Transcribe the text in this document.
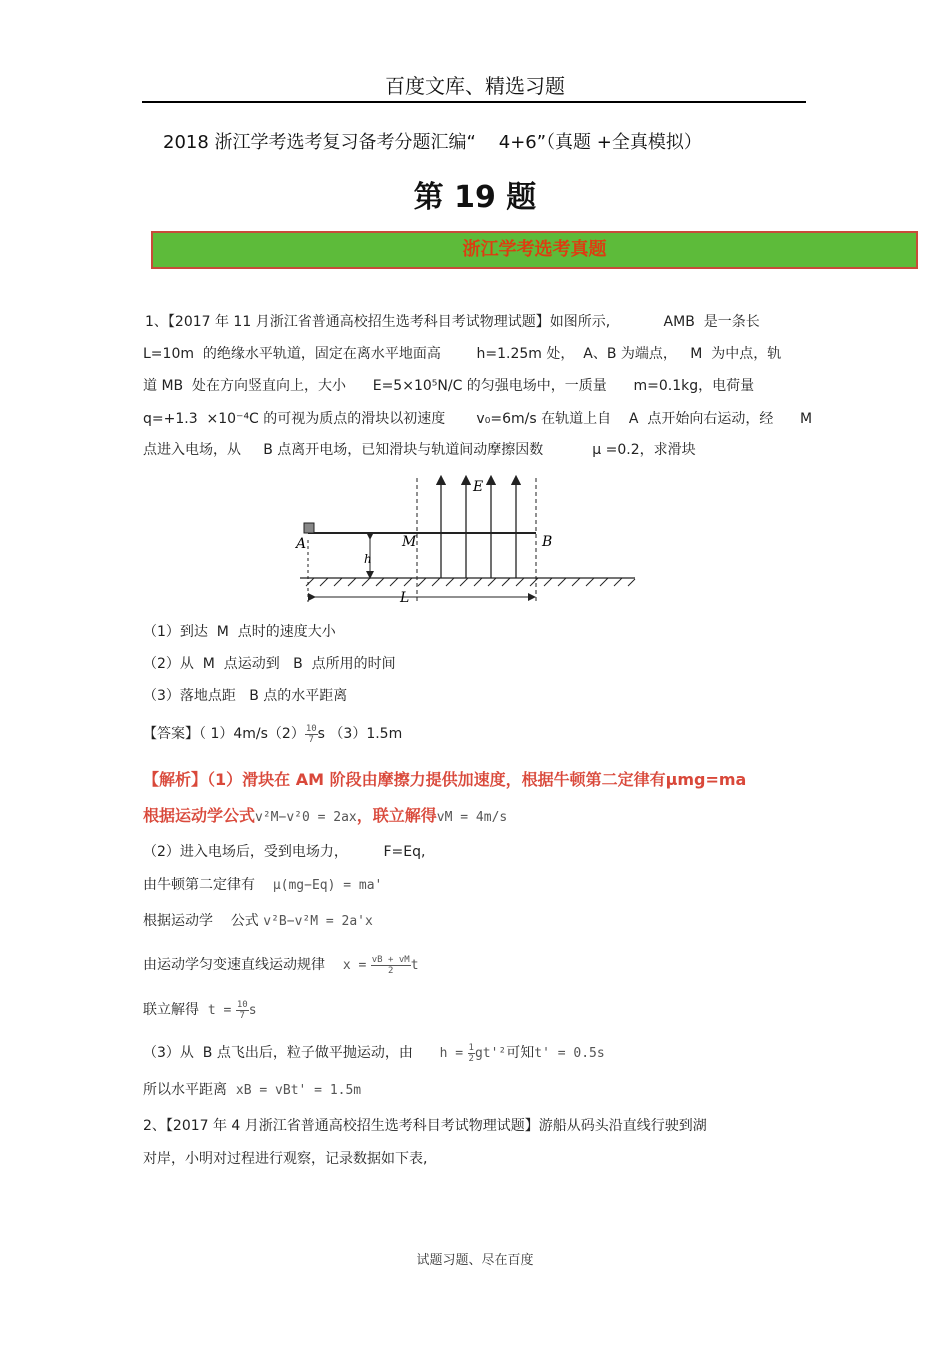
百度文库、精选习题
2018 浙江学考选考复习备考分题汇编“    4+6”（真题 +全真模拟）
第 19 题
浙江学考选考真题
1、【2017 年 11 月浙江省普通高校招生选考科目考试物理试题】如图所示,            AMB  是一条长
L=10m  的绝缘水平轨道，固定在离水平地面高        h=1.25m 处，  A、B 为端点，   M  为中点，轨
道 MB  处在方向竖直向上，大小      E=5×10⁵N/C 的匀强电场中，一质量      m=0.1kg，电荷量
q=+1.3  ×10⁻⁴C 的可视为质点的滑块以初速度       v₀=6m/s 在轨道上自    A  点开始向右运动，经      M
点进入电场，从     B 点离开电场，已知滑块与轨道间动摩擦因数           μ =0.2，求滑块
A	M	B
E
h
L
（1）到达  M  点时的速度大小
（2）从  M  点运动到   B  点所用的时间
（3）落地点距   B 点的水平距离
【答案】（ $1)4m/s(2) \frac{10}{7}$ s （3）1.5m
【解析】（1）滑块在 AM 阶段由摩擦力提供加速度，根据牛顿第二定律有μmg=ma
根据运动学公式v²M−v²0 = 2ax，联立解得vM = 4m/s
（2）进入电场后，受到电场力，        F=Eq,
由牛顿第二定律有 μ(mg−Eq) = ma'
根据运动学    公式 v²B−v²M = 2a'x
由运动学匀变速直线运动规律 $x = \frac{vB + vM}{2}$ t
联立解得 $t = \frac{10}{7}$ s
（3）从  B 点飞出后，粒子做平抛运动，由 $h = \frac{1}{2} gt'^2$可知t' = 0.5s
所以水平距离 xB = vBt' = 1.5m
2、【2017 年 4 月浙江省普通高校招生选考科目考试物理试题】游船从码头沿直线行驶到湖
对岸，小明对过程进行观察，记录数据如下表,
试题习题、尽在百度
